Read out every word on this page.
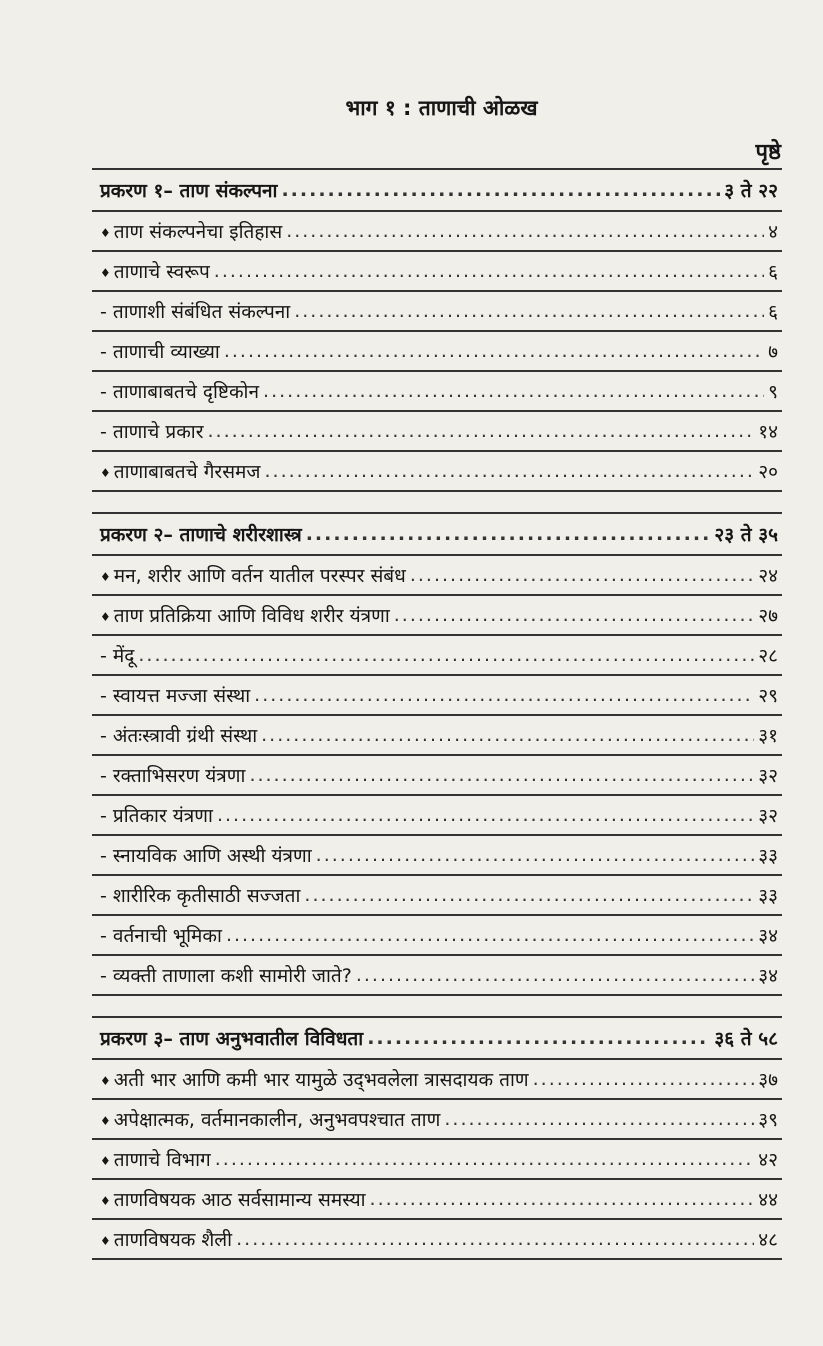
भाग १ : ताणाची ओळख
पृष्ठे
प्रकरण १– ताण संकल्पना .....	३ ते २२
♦ ताण संकल्पनेचा इतिहास .....	४
♦ ताणाचे स्वरूप .....	६
- ताणाशी संबंधित संकल्पना .....	६
- ताणाची व्याख्या .....	७
- ताणाबाबतचे दृष्टिकोन .....	९
- ताणाचे प्रकार .....	१४
♦ ताणाबाबतचे गैरसमज .....	२०
प्रकरण २– ताणाचे शरीरशास्त्र .....	२३ ते ३५
♦ मन, शरीर आणि वर्तन यातील परस्पर संबंध .....	२४
♦ ताण प्रतिक्रिया आणि विविध शरीर यंत्रणा .....	२७
- मेंदू .....	२८
- स्वायत्त मज्जा संस्था .....	२९
- अंतःस्त्रावी ग्रंथी संस्था .....	३१
- रक्ताभिसरण यंत्रणा .....	३२
- प्रतिकार यंत्रणा .....	३२
- स्नायविक आणि अस्थी यंत्रणा .....	३३
- शारीरिक कृतीसाठी सज्जता .....	३३
- वर्तनाची भूमिका .....	३४
- व्यक्ती ताणाला कशी सामोरी जाते? .....	३४
प्रकरण ३– ताण अनुभवातील विविधता .....	३६ ते ५८
♦ अती भार आणि कमी भार यामुळे उद्‌भवलेला त्रासदायक ताण .....	३७
♦ अपेक्षात्मक, वर्तमानकालीन, अनुभवपश्चात ताण .....	३९
♦ ताणाचे विभाग .....	४२
♦ ताणविषयक आठ सर्वसामान्य समस्या .....	४४
♦ ताणविषयक शैली .....	४८
